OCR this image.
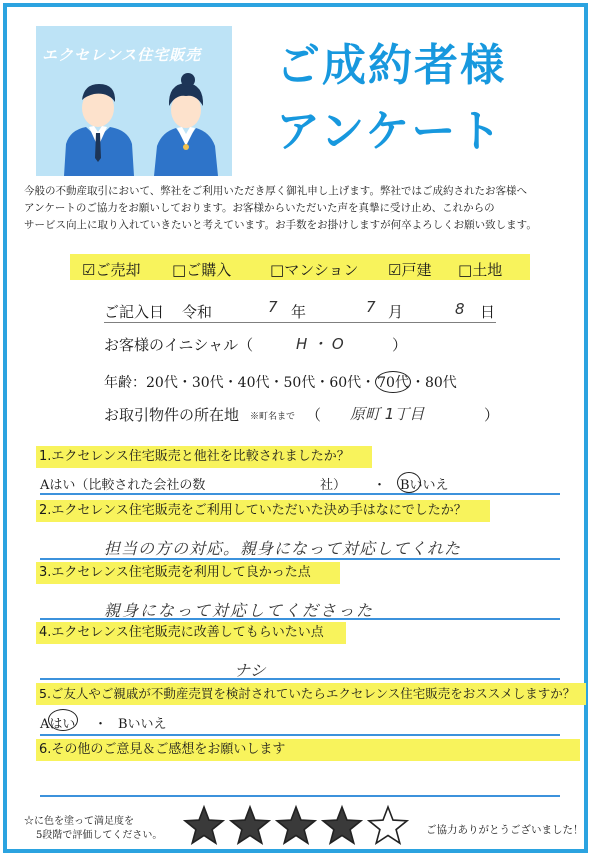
エクセレンス住宅販売 ご成約者様
アンケート
今般の不動産取引において、弊社をご利用いただき厚く御礼申し上げます。弊社ではご成約されたお客様へ
アンケートのご協力をお願いしております。お客様からいただいた声を真摯に受け止め、これからの
サービス向上に取り入れていきたいと考えています。お手数をお掛けしますが何卒よろしくお願い致します。
☑ご売却 □ご購入	□マンション ☑戸建 □土地
ご記入日 令和	7 年	7 月	8 日
お客様のイニシャル（	H ・ O	）
年齢：20代・30代・40代・50代・60代・ 70代 ・80代
お取引物件の所在地 ※町名まで （ 原町 1丁目	）
1.エクセレンス住宅販売と他社を比較されましたか？
Aはい（比較された会社の数	社） ・ Bいいえ
2.エクセレンス住宅販売をご利用していただいた決め手はなにでしたか？
担当の方の対応。親身になって対応してくれた
3.エクセレンス住宅販売を利用して良かった点
親身になって対応してくださった
4.エクセレンス住宅販売に改善してもらいたい点
ナシ
5.ご友人やご親戚が不動産売買を検討されていたらエクセレンス住宅販売をおススメしますか？
Aはい ・ Bいいえ
6.その他のご意見＆ご感想をお願いします
☆に色を塗って満足度を
5段階で評価してください。	ご協力ありがとうございました！
